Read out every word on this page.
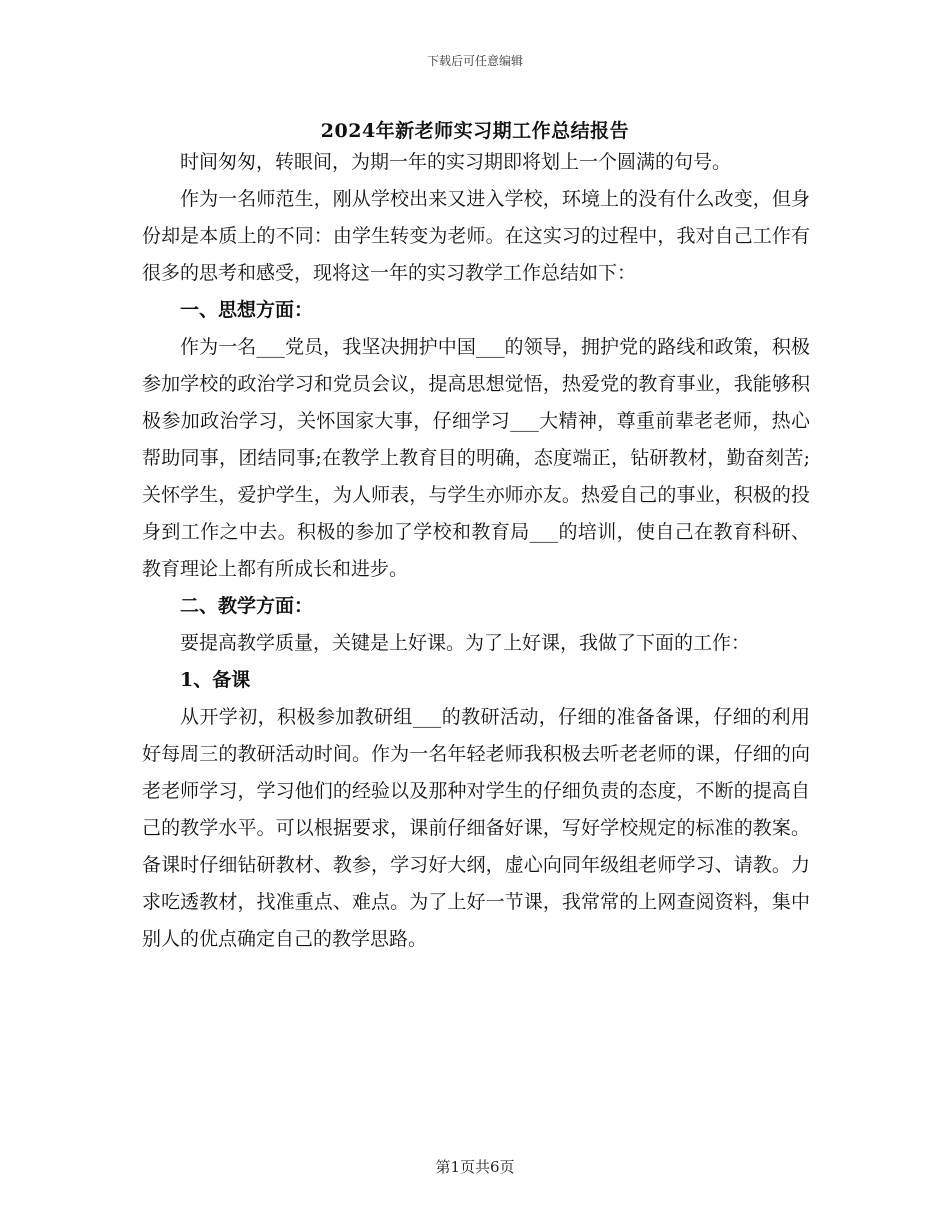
下载后可任意编辑
2024年新老师实习期工作总结报告

时间匆匆，转眼间，为期一年的实习期即将划上一个圆满的句号。

作为一名师范生，刚从学校出来又进入学校，环境上的没有什么改变，但身份却是本质上的不同：由学生转变为老师。在这实习的过程中，我对自己工作有很多的思考和感受，现将这一年的实习教学工作总结如下：

一、思想方面：

作为一名___党员，我坚决拥护中国___的领导，拥护党的路线和政策，积极参加学校的政治学习和党员会议，提高思想觉悟，热爱党的教育事业，我能够积极参加政治学习，关怀国家大事，仔细学习___大精神，尊重前辈老老师，热心帮助同事，团结同事;在教学上教育目的明确，态度端正，钻研教材，勤奋刻苦;关怀学生，爱护学生，为人师表，与学生亦师亦友。热爱自己的事业，积极的投身到工作之中去。积极的参加了学校和教育局___的培训，使自己在教育科研、教育理论上都有所成长和进步。

二、教学方面：

要提高教学质量，关键是上好课。为了上好课，我做了下面的工作：

1、备课

从开学初，积极参加教研组___的教研活动，仔细的准备备课，仔细的利用好每周三的教研活动时间。作为一名年轻老师我积极去听老老师的课，仔细的向老老师学习，学习他们的经验以及那种对学生的仔细负责的态度，不断的提高自己的教学水平。可以根据要求，课前仔细备好课，写好学校规定的标准的教案。备课时仔细钻研教材、教参，学习好大纲，虚心向同年级组老师学习、请教。力求吃透教材，找准重点、难点。为了上好一节课，我常常的上网查阅资料，集中别人的优点确定自己的教学思路。

第1页共6页
